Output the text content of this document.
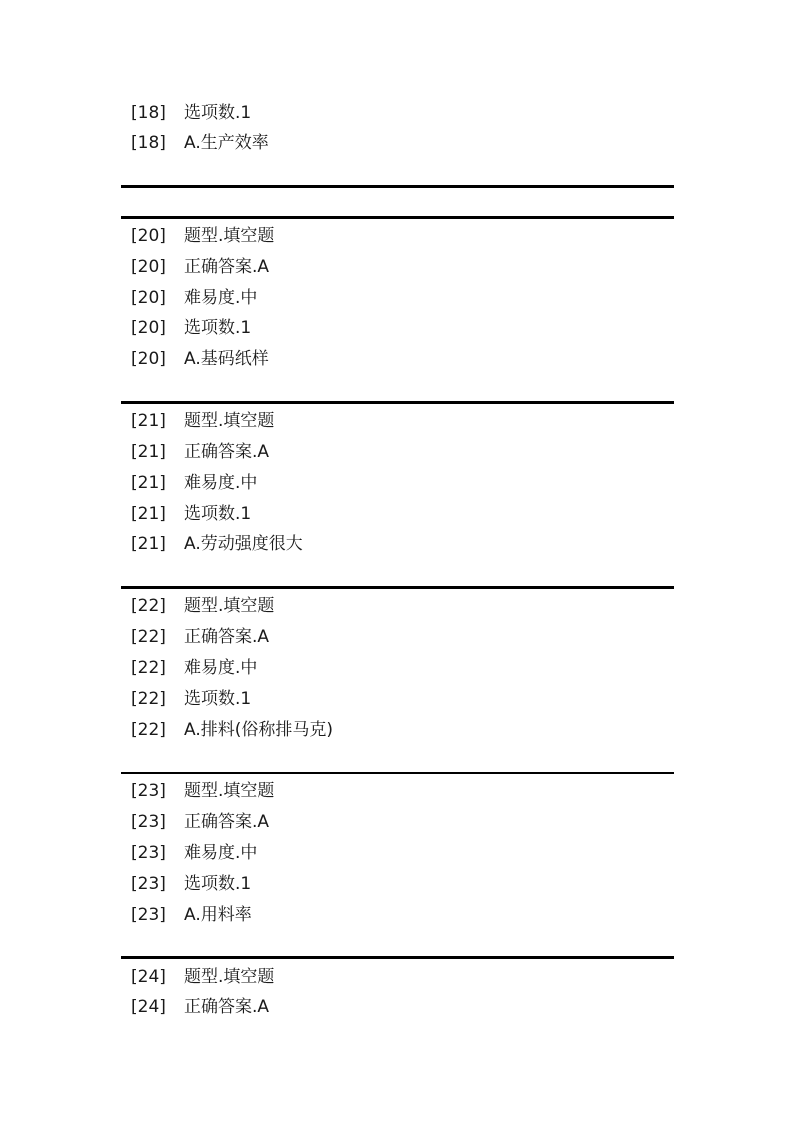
[18] 选项数.1
[18] A.生产效率
[20] 题型.填空题
[20] 正确答案.A
[20] 难易度.中
[20] 选项数.1
[20] A.基码纸样
[21] 题型.填空题
[21] 正确答案.A
[21] 难易度.中
[21] 选项数.1
[21] A.劳动强度很大
[22] 题型.填空题
[22] 正确答案.A
[22] 难易度.中
[22] 选项数.1
[22] A.排料(俗称排马克)
[23] 题型.填空题
[23] 正确答案.A
[23] 难易度.中
[23] 选项数.1
[23] A.用料率
[24] 题型.填空题
[24] 正确答案.A
